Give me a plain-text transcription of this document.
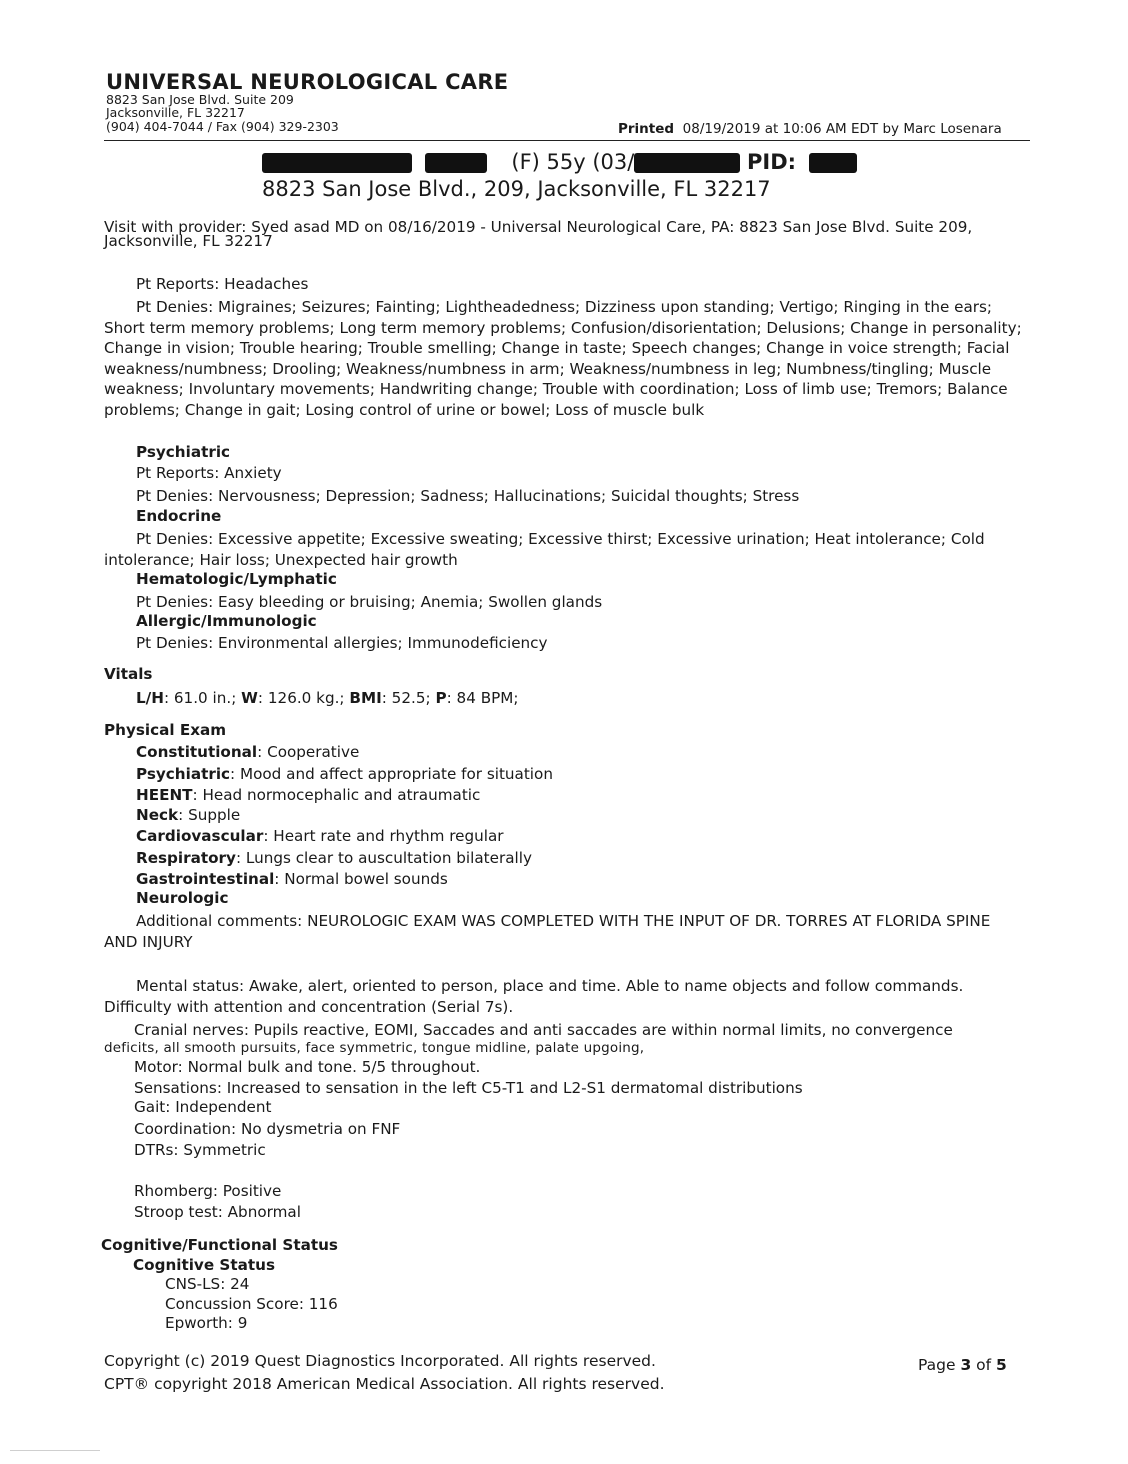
UNIVERSAL NEUROLOGICAL CARE
8823 San Jose Blvd. Suite 209
Jacksonville, FL 32217
(904) 404-7044 / Fax (904) 329-2303	Printed 08/19/2019 at 10:06 AM EDT by Marc Losenara
(F) 55y (03/	PID:
8823 San Jose Blvd., 209, Jacksonville, FL 32217
Visit with provider: Syed asad MD on 08/16/2019 - Universal Neurological Care, PA: 8823 San Jose Blvd. Suite 209, Jacksonville, FL 32217
Pt Reports: Headaches
Pt Denies: Migraines; Seizures; Fainting; Lightheadedness; Dizziness upon standing; Vertigo; Ringing in the ears; Short term memory problems; Long term memory problems; Confusion/disorientation; Delusions; Change in personality; Change in vision; Trouble hearing; Trouble smelling; Change in taste; Speech changes; Change in voice strength; Facial weakness/numbness; Drooling; Weakness/numbness in arm; Weakness/numbness in leg; Numbness/tingling; Muscle weakness; Involuntary movements; Handwriting change; Trouble with coordination; Loss of limb use; Tremors; Balance problems; Change in gait; Losing control of urine or bowel; Loss of muscle bulk
Psychiatric
Pt Reports: Anxiety
Pt Denies: Nervousness; Depression; Sadness; Hallucinations; Suicidal thoughts; Stress
Endocrine
Pt Denies: Excessive appetite; Excessive sweating; Excessive thirst; Excessive urination; Heat intolerance; Cold intolerance; Hair loss; Unexpected hair growth
Hematologic/Lymphatic
Pt Denies: Easy bleeding or bruising; Anemia; Swollen glands
Allergic/Immunologic
Pt Denies: Environmental allergies; Immunodeficiency
Vitals
L/H: 61.0 in.; W: 126.0 kg.; BMI: 52.5; P: 84 BPM;
Physical Exam
Constitutional: Cooperative
Psychiatric: Mood and affect appropriate for situation
HEENT: Head normocephalic and atraumatic
Neck: Supple
Cardiovascular: Heart rate and rhythm regular
Respiratory: Lungs clear to auscultation bilaterally
Gastrointestinal: Normal bowel sounds
Neurologic
Additional comments: NEUROLOGIC EXAM WAS COMPLETED WITH THE INPUT OF DR. TORRES AT FLORIDA SPINE AND INJURY
Mental status: Awake, alert, oriented to person, place and time. Able to name objects and follow commands. Difficulty with attention and concentration (Serial 7s).
Cranial nerves: Pupils reactive, EOMI, Saccades and anti saccades are within normal limits, no convergence
deficits, all smooth pursuits, face symmetric, tongue midline, palate upgoing,
Motor: Normal bulk and tone. 5/5 throughout.
Sensations: Increased to sensation in the left C5-T1 and L2-S1 dermatomal distributions
Gait: Independent
Coordination: No dysmetria on FNF
DTRs: Symmetric
Rhomberg: Positive
Stroop test: Abnormal
Cognitive/Functional Status
Cognitive Status
CNS-LS: 24
Concussion Score: 116
Epworth: 9
Copyright (c) 2019 Quest Diagnostics Incorporated. All rights reserved.
CPT® copyright 2018 American Medical Association. All rights reserved.
Page 3 of 5
